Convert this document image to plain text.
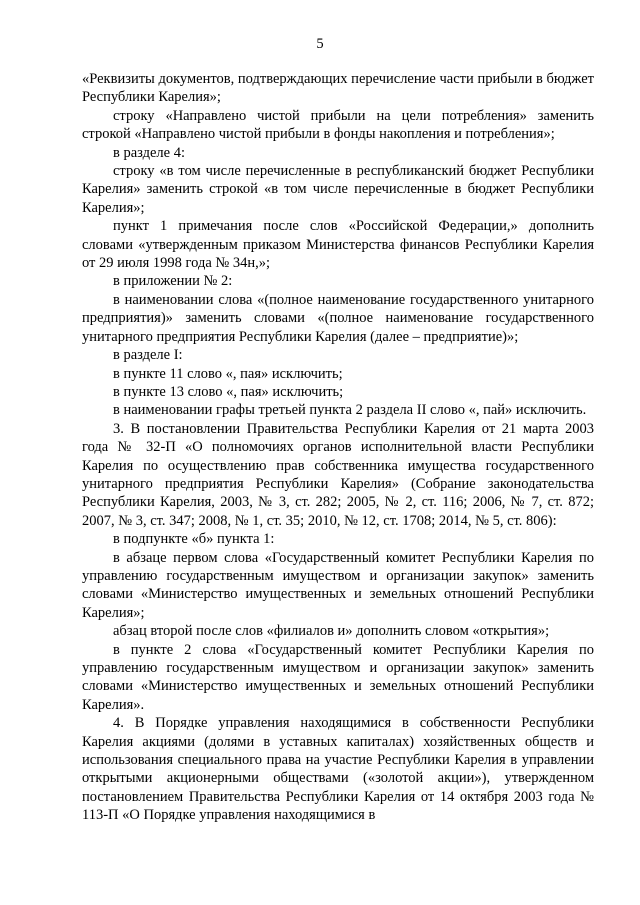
5

«Реквизиты документов, подтверждающих перечисление части прибыли в бюджет Республики Карелия»;

строку «Направлено чистой прибыли на цели потребления» заменить строкой «Направлено чистой прибыли в фонды накопления и потребления»;

в разделе 4:

строку «в том числе перечисленные в республиканский бюджет Республики Карелия» заменить строкой «в том числе перечисленные в бюджет Республики Карелия»;

пункт 1 примечания после слов «Российской Федерации,» дополнить словами «утвержденным приказом Министерства финансов Республики Карелия от 29 июля 1998 года № 34н,»;

в приложении № 2:

в наименовании слова «(полное наименование государственного унитарного предприятия)» заменить словами «(полное наименование государственного унитарного предприятия Республики Карелия (далее – предприятие)»;

в разделе I:

в пункте 11 слово «, пая» исключить;

в пункте 13 слово «, пая» исключить;

в наименовании графы третьей пункта 2 раздела II слово «, пай» исключить.

3. В постановлении Правительства Республики Карелия от 21 марта 2003 года № 32-П «О полномочиях органов исполнительной власти Республики Карелия по осуществлению прав собственника имущества государственного унитарного предприятия Республики Карелия» (Собрание законодательства Республики Карелия, 2003, № 3, ст. 282; 2005, № 2, ст. 116; 2006, № 7, ст. 872; 2007, № 3, ст. 347; 2008, № 1, ст. 35; 2010, № 12, ст. 1708; 2014, № 5, ст. 806):

в подпункте «б» пункта 1:

в абзаце первом слова «Государственный комитет Республики Карелия по управлению государственным имуществом и организации закупок» заменить словами «Министерство имущественных и земельных отношений Республики Карелия»;

абзац второй после слов «филиалов и» дополнить словом «открытия»;

в пункте 2 слова «Государственный комитет Республики Карелия по управлению государственным имуществом и организации закупок» заменить словами «Министерство имущественных и земельных отношений Республики Карелия».

4. В Порядке управления находящимися в собственности Республики Карелия акциями (долями в уставных капиталах) хозяйственных обществ и использования специального права на участие Республики Карелия в управлении открытыми акционерными обществами («золотой акции»), утвержденном постановлением Правительства Республики Карелия от 14 октября 2003 года № 113-П «О Порядке управления находящимися в
